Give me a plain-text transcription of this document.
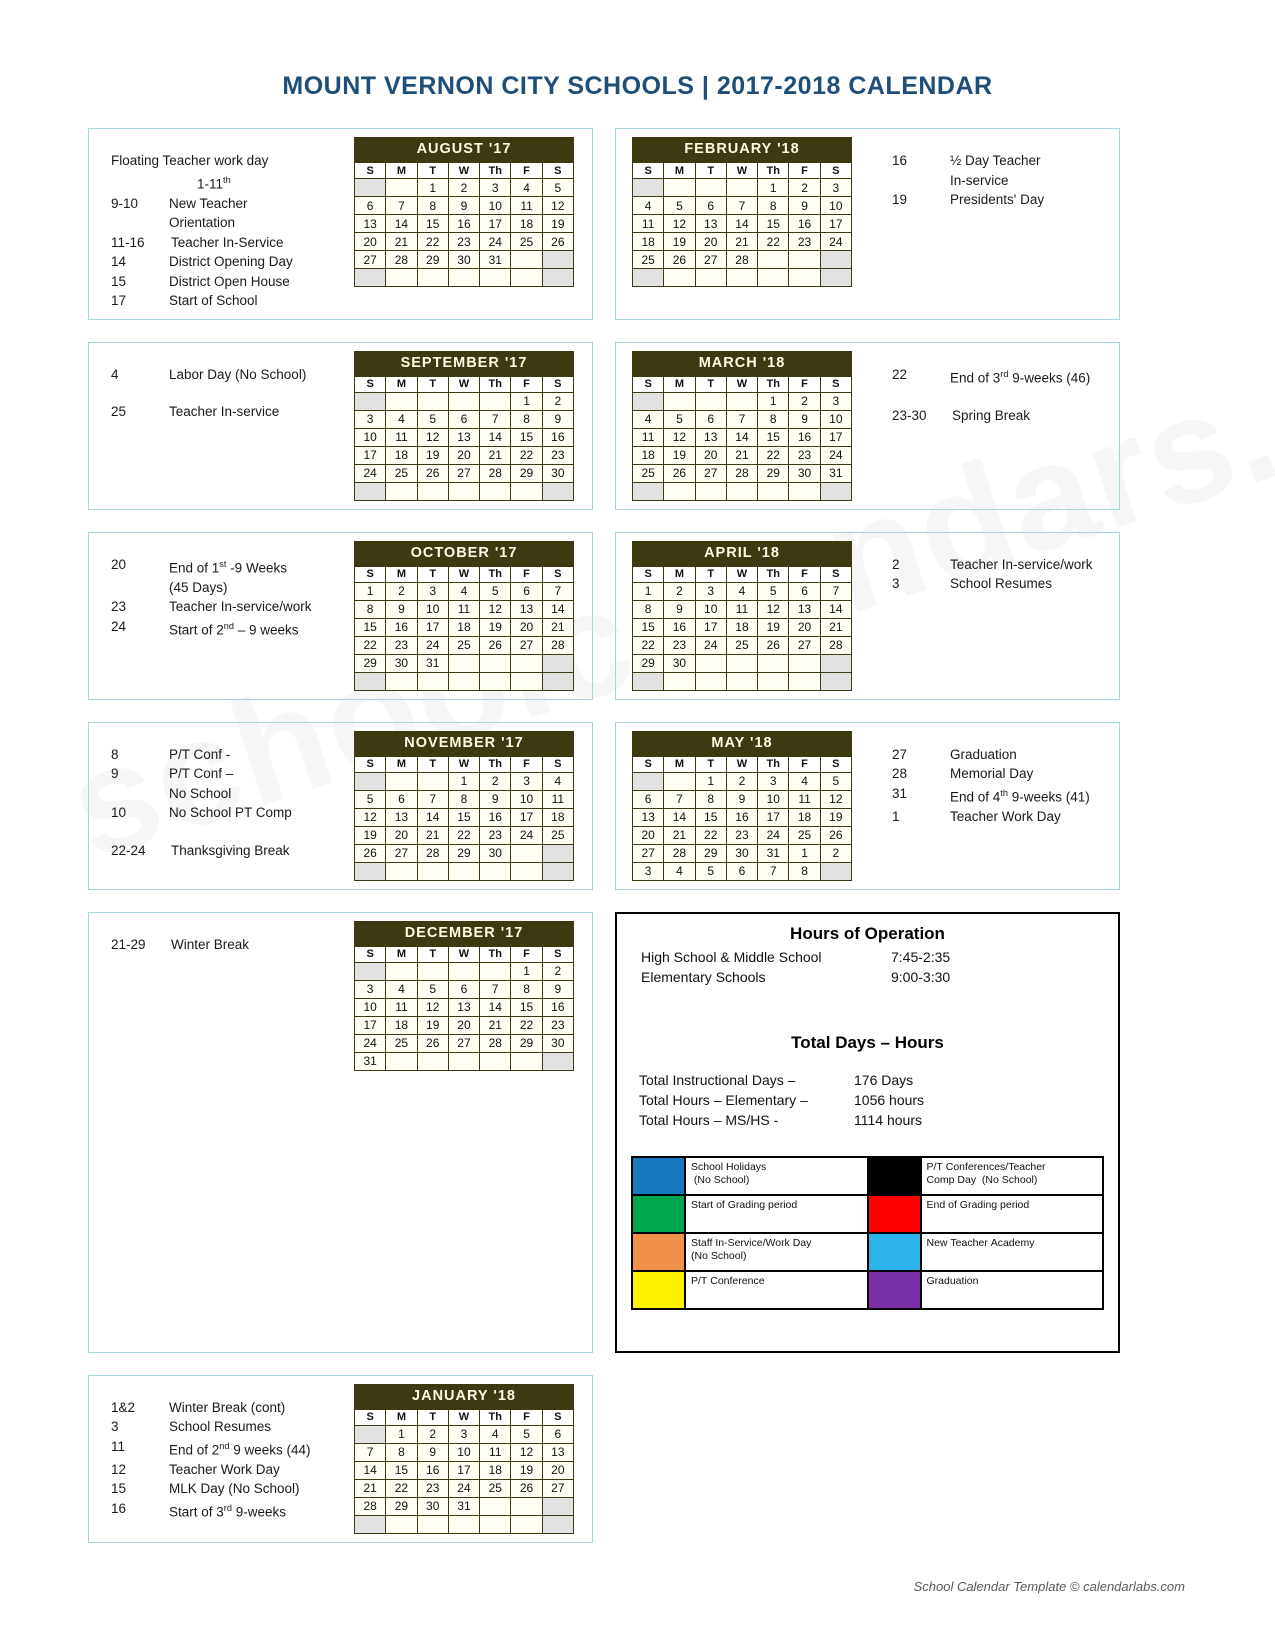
MOUNT VERNON CITY SCHOOLS | 2017-2018 CALENDAR
Floating Teacher work day
1-11th
9-10	New Teacher
Orientation
11-16	Teacher In-Service
14	District Opening Day
15	District Open House
17	Start of School
AUGUST '17
S	M	T	W	Th	F	S
		1	2	3	4	5
6	7	8	9	10	11	12
13	14	15	16	17	18	19
20	21	22	23	24	25	26
27	28	29	30	31		

FEBRUARY '18
S	M	T	W	Th	F	S
				1	2	3
4	5	6	7	8	9	10
11	12	13	14	15	16	17
18	19	20	21	22	23	24
25	26	27	28			

16	½ Day Teacher
In-service
19	Presidents' Day
4	Labor Day (No School)
25	Teacher In-service
SEPTEMBER '17
S	M	T	W	Th	F	S
					1	2
3	4	5	6	7	8	9
10	11	12	13	14	15	16
17	18	19	20	21	22	23
24	25	26	27	28	29	30

MARCH '18
S	M	T	W	Th	F	S
				1	2	3
4	5	6	7	8	9	10
11	12	13	14	15	16	17
18	19	20	21	22	23	24
25	26	27	28	29	30	31

22	End of 3rd 9-weeks (46)
23-30	Spring Break
20	End of 1st -9 Weeks
(45 Days)
23	Teacher In-service/work
24	Start of 2nd – 9 weeks
OCTOBER '17
S	M	T	W	Th	F	S
1	2	3	4	5	6	7
8	9	10	11	12	13	14
15	16	17	18	19	20	21
22	23	24	25	26	27	28
29	30	31				

APRIL '18
S	M	T	W	Th	F	S
1	2	3	4	5	6	7
8	9	10	11	12	13	14
15	16	17	18	19	20	21
22	23	24	25	26	27	28
29	30					

2	Teacher In-service/work
3	School Resumes
8	P/T Conf -
9	P/T Conf –
No School
10	No School PT Comp
22-24	Thanksgiving Break
NOVEMBER '17
S	M	T	W	Th	F	S
			1	2	3	4
5	6	7	8	9	10	11
12	13	14	15	16	17	18
19	20	21	22	23	24	25
26	27	28	29	30		

MAY '18
S	M	T	W	Th	F	S
		1	2	3	4	5
6	7	8	9	10	11	12
13	14	15	16	17	18	19
20	21	22	23	24	25	26
27	28	29	30	31	1	2
3	4	5	6	7	8	
27	Graduation
28	Memorial Day
31	End of 4th 9-weeks (41)
1	Teacher Work Day
21-29	Winter Break
DECEMBER '17
S	M	T	W	Th	F	S
					1	2
3	4	5	6	7	8	9
10	11	12	13	14	15	16
17	18	19	20	21	22	23
24	25	26	27	28	29	30
31						
Hours of Operation
High School & Middle School	7:45-2:35
Elementary Schools	9:00-3:30
Total Days – Hours
Total Instructional Days –	176 Days
Total Hours – Elementary –	1056 hours
Total Hours – MS/HS -	1114 hours
School Holidays
(No School)
P/T Conferences/Teacher
Comp Day  (No School)
Start of Grading period	End of Grading period
Staff In-Service/Work Day
(No School)
New Teacher Academy
P/T Conference	Graduation
1&2	Winter Break (cont)
3	School Resumes
11	End of 2nd 9 weeks (44)
12	Teacher Work Day
15	MLK Day (No School)
16	Start of 3rd 9-weeks
JANUARY '18
S	M	T	W	Th	F	S
	1	2	3	4	5	6
7	8	9	10	11	12	13
14	15	16	17	18	19	20
21	22	23	24	25	26	27
28	29	30	31			

School Calendar Template © calendarlabs.com
